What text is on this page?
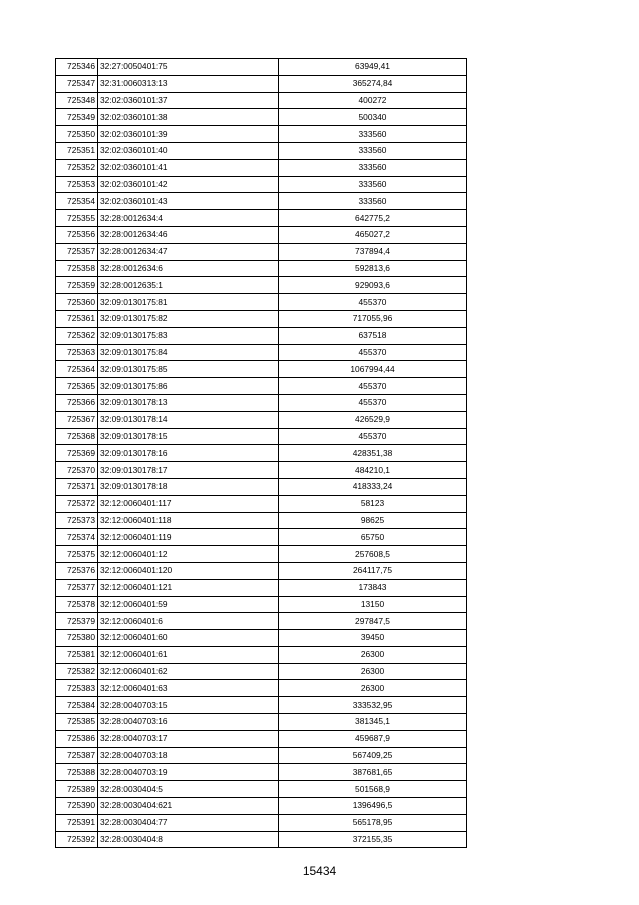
725346	32:27:0050401:75	63949,41
725347	32:31:0060313:13	365274,84
725348	32:02:0360101:37	400272
725349	32:02:0360101:38	500340
725350	32:02:0360101:39	333560
725351	32:02:0360101:40	333560
725352	32:02:0360101:41	333560
725353	32:02:0360101:42	333560
725354	32:02:0360101:43	333560
725355	32:28:0012634:4	642775,2
725356	32:28:0012634:46	465027,2
725357	32:28:0012634:47	737894,4
725358	32:28:0012634:6	592813,6
725359	32:28:0012635:1	929093,6
725360	32:09:0130175:81	455370
725361	32:09:0130175:82	717055,96
725362	32:09:0130175:83	637518
725363	32:09:0130175:84	455370
725364	32:09:0130175:85	1067994,44
725365	32:09:0130175:86	455370
725366	32:09:0130178:13	455370
725367	32:09:0130178:14	426529,9
725368	32:09:0130178:15	455370
725369	32:09:0130178:16	428351,38
725370	32:09:0130178:17	484210,1
725371	32:09:0130178:18	418333,24
725372	32:12:0060401:117	58123
725373	32:12:0060401:118	98625
725374	32:12:0060401:119	65750
725375	32:12:0060401:12	257608,5
725376	32:12:0060401:120	264117,75
725377	32:12:0060401:121	173843
725378	32:12:0060401:59	13150
725379	32:12:0060401:6	297847,5
725380	32:12:0060401:60	39450
725381	32:12:0060401:61	26300
725382	32:12:0060401:62	26300
725383	32:12:0060401:63	26300
725384	32:28:0040703:15	333532,95
725385	32:28:0040703:16	381345,1
725386	32:28:0040703:17	459687,9
725387	32:28:0040703:18	567409,25
725388	32:28:0040703:19	387681,65
725389	32:28:0030404:5	501568,9
725390	32:28:0030404:621	1396496,5
725391	32:28:0030404:77	565178,95
725392	32:28:0030404:8	372155,35
15434
